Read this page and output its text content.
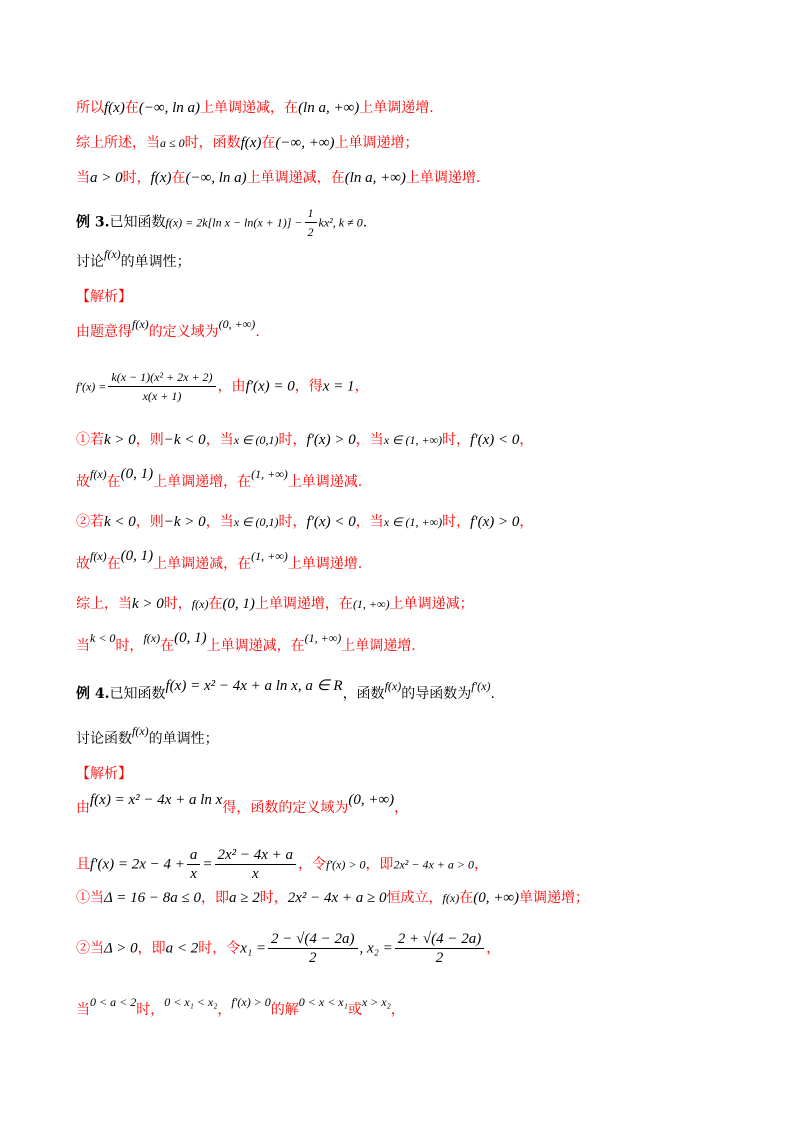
所以f(x)在(−∞, ln a)上单调递减，在(ln a, +∞)上单调递增.
综上所述，当a ≤ 0时，函数f(x)在(−∞, +∞)上单调递增；
当a > 0时，f(x)在(−∞, ln a)上单调递减，在(ln a, +∞)上单调递增.
例 3.已知函数f(x) = 2k[ln $x - \ln(x + 1)] - \frac{1}{2} kx^2$, k ≠ 0.
讨论f(x)的单调性；
【解析】
由题意得f(x)的定义域为(0, +∞).
$f'(x) = \frac{\text{k(x − 1)(x² + 2x + 2)}}{x(x + 1)}$ ，由f′(x) = 0，得x = 1，
①若k > 0，则−k < 0，当x ∈ (0,1)时，f′(x) > 0，当x ∈ (1, +∞)时，f′(x) < 0，
故f(x)在(0, 1)上单调递增，在(1, +∞)上单调递减.
②若k < 0，则−k > 0，当x ∈ (0,1)时，f′(x) < 0，当x ∈ (1, +∞)时，f′(x) > 0，
故f(x)在(0, 1)上单调递减，在(1, +∞)上单调递增.
综上，当k > 0时，f(x)在(0, 1)上单调递增，在(1, +∞)上单调递减；
当k < 0时，f(x)在(0, 1)上单调递减，在(1, +∞)上单调递增.
例 4.已知函数f(x) = x² − 4x + a ln x, a ∈ R，函数f(x)的导函数为f′(x).
讨论函数f(x)的单调性；
【解析】
由f(x) = x² − 4x + a ln x得，函数的定义域为(0, +∞)，
且$f'(x) = 2x - 4 + \frac{a}{x} = \frac{\text{2x² − 4x + a}}{x}$ ，令f′(x) > 0，即2x² − 4x + a > 0，
①当Δ = 16 − 8a ≤ 0，即a ≥ 2时，2x² − 4x + a ≥ 0恒成立，f(x)在(0, +∞)单调递增；
②当Δ > 0，即a < 2时，令$x_1 = \frac{2 - √(4 - 2a)}{2}$ , $x_2 = \frac{2 + √(4 - 2a)}{2}$ ，
当0 < a < 2时，0 < x₁ < x₂，f′(x) > 0的解0 < x < x₁或x > x₂，
